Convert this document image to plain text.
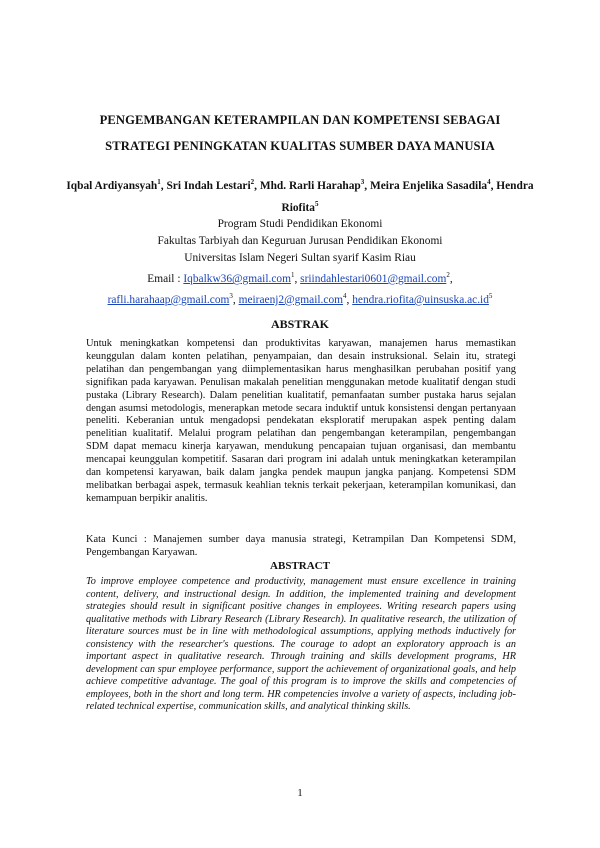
PENGEMBANGAN KETERAMPILAN DAN KOMPETENSI SEBAGAI
STRATEGI PENINGKATAN KUALITAS SUMBER DAYA MANUSIA
Iqbal Ardiyansyah$^1$, Sri Indah Lestari$^2$, Mhd. Rarli Harahap$^3$, Meira Enjelika Sasadila$^4$, Hendra Riofita$^5$
Program Studi Pendidikan Ekonomi
Fakultas Tarbiyah dan Keguruan Jurusan Pendidikan Ekonomi
Universitas Islam Negeri Sultan syarif Kasim Riau
Email : Iqbalkw36@gmail.com$^1$, sriindahlestari0601@gmail.com$^2$,
rafli.harahaap@gmail.com$^3$, meiraenj2@gmail.com$^4$, $hendra.riofita@uinsuska.ac.id^5$
ABSTRAK
Untuk meningkatkan kompetensi dan produktivitas karyawan, manajemen harus memastikan keunggulan dalam konten pelatihan, penyampaian, dan desain instruksional. Selain itu, strategi pelatihan dan pengembangan yang diimplementasikan harus menghasilkan perubahan positif yang signifikan pada karyawan. Penulisan makalah penelitian menggunakan metode kualitatif dengan studi pustaka (Library Research). Dalam penelitian kualitatif, pemanfaatan sumber pustaka harus sejalan dengan asumsi metodologis, menerapkan metode secara induktif untuk konsistensi dengan pertanyaan peneliti. Keberanian untuk mengadopsi pendekatan eksploratif merupakan aspek penting dalam penelitian kualitatif. Melalui program pelatihan dan pengembangan keterampilan, pengembangan SDM dapat memacu kinerja karyawan, mendukung pencapaian tujuan organisasi, dan membantu mencapai keunggulan kompetitif. Sasaran dari program ini adalah untuk meningkatkan keterampilan dan kompetensi karyawan, baik dalam jangka pendek maupun jangka panjang. Kompetensi SDM melibatkan berbagai aspek, termasuk keahlian teknis terkait pekerjaan, keterampilan komunikasi, dan kemampuan berpikir analitis.
Kata Kunci : Manajemen sumber daya manusia strategi, Ketrampilan Dan Kompetensi SDM, Pengembangan Karyawan.
ABSTRACT
To improve employee competence and productivity, management must ensure excellence in training content, delivery, and instructional design. In addition, the implemented training and development strategies should result in significant positive changes in employees. Writing research papers using qualitative methods with Library Research (Library Research). In qualitative research, the utilization of literature sources must be in line with methodological assumptions, applying methods inductively for consistency with the researcher's questions. The courage to adopt an exploratory approach is an important aspect in qualitative research. Through training and skills development programs, HR development can spur employee performance, support the achievement of organizational goals, and help achieve competitive advantage. The goal of this program is to improve the skills and competencies of employees, both in the short and long term. HR competencies involve a variety of aspects, including job-related technical expertise, communication skills, and analytical thinking skills.
1
